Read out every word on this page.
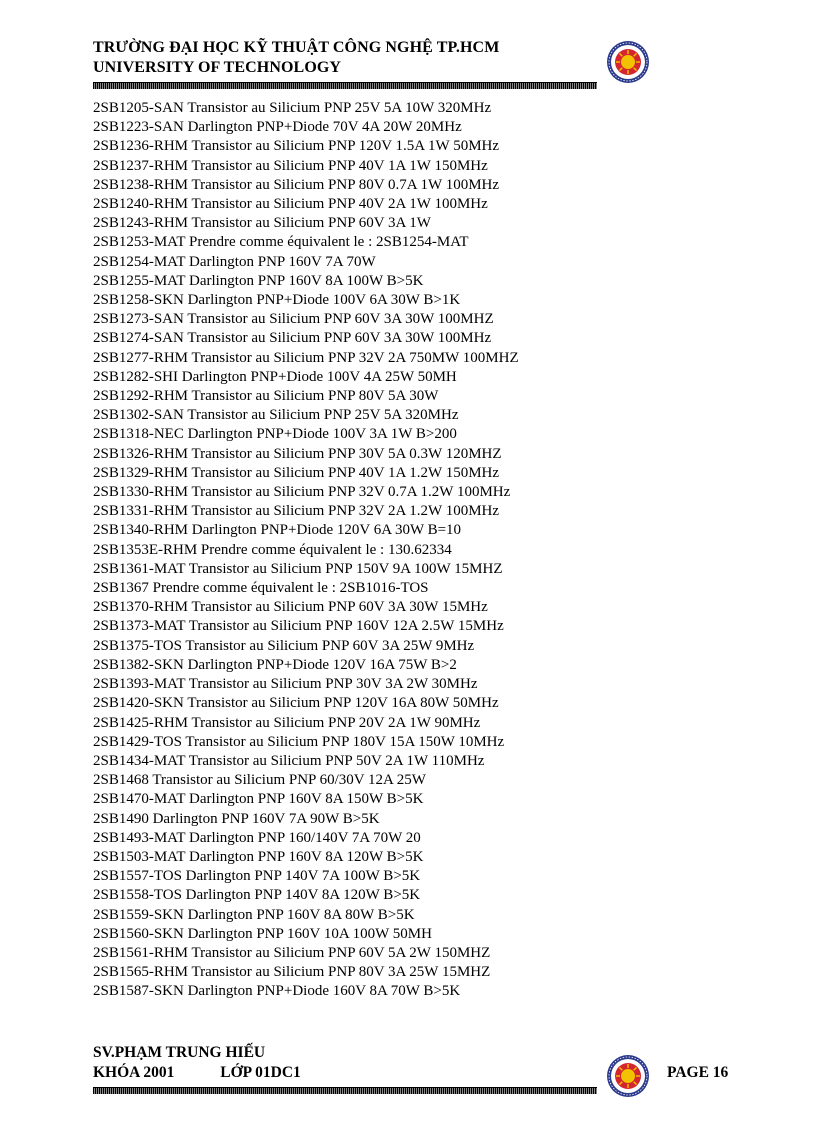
TRƯỜNG ĐẠI HỌC KỸ THUẬT CÔNG NGHỆ TP.HCM
UNIVERSITY OF TECHNOLOGY
2SB1205-SAN Transistor au Silicium PNP 25V 5A 10W 320MHz
2SB1223-SAN Darlington PNP+Diode 70V 4A 20W 20MHz
2SB1236-RHM Transistor au Silicium PNP 120V 1.5A 1W 50MHz
2SB1237-RHM Transistor au Silicium PNP 40V 1A 1W 150MHz
2SB1238-RHM Transistor au Silicium PNP 80V 0.7A 1W 100MHz
2SB1240-RHM Transistor au Silicium PNP 40V 2A 1W 100MHz
2SB1243-RHM Transistor au Silicium PNP 60V 3A 1W
2SB1253-MAT Prendre comme équivalent le : 2SB1254-MAT
2SB1254-MAT Darlington PNP 160V 7A 70W
2SB1255-MAT Darlington PNP 160V 8A 100W B>5K
2SB1258-SKN Darlington PNP+Diode 100V 6A 30W B>1K
2SB1273-SAN Transistor au Silicium PNP 60V 3A 30W 100MHZ
2SB1274-SAN Transistor au Silicium PNP 60V 3A 30W 100MHz
2SB1277-RHM Transistor au Silicium PNP 32V 2A 750MW 100MHZ
2SB1282-SHI Darlington PNP+Diode 100V 4A 25W 50MH
2SB1292-RHM Transistor au Silicium PNP 80V 5A 30W
2SB1302-SAN Transistor au Silicium PNP 25V 5A 320MHz
2SB1318-NEC Darlington PNP+Diode 100V 3A 1W B>200
2SB1326-RHM Transistor au Silicium PNP 30V 5A 0.3W 120MHZ
2SB1329-RHM Transistor au Silicium PNP 40V 1A 1.2W 150MHz
2SB1330-RHM Transistor au Silicium PNP 32V 0.7A 1.2W 100MHz
2SB1331-RHM Transistor au Silicium PNP 32V 2A 1.2W 100MHz
2SB1340-RHM Darlington PNP+Diode 120V 6A 30W B=10
2SB1353E-RHM Prendre comme équivalent le : 130.62334
2SB1361-MAT Transistor au Silicium PNP 150V 9A 100W 15MHZ
2SB1367 Prendre comme équivalent le : 2SB1016-TOS
2SB1370-RHM Transistor au Silicium PNP 60V 3A 30W 15MHz
2SB1373-MAT Transistor au Silicium PNP 160V 12A 2.5W 15MHz
2SB1375-TOS Transistor au Silicium PNP 60V 3A 25W 9MHz
2SB1382-SKN Darlington PNP+Diode 120V 16A 75W B>2
2SB1393-MAT Transistor au Silicium PNP 30V 3A 2W 30MHz
2SB1420-SKN Transistor au Silicium PNP 120V 16A 80W 50MHz
2SB1425-RHM Transistor au Silicium PNP 20V 2A 1W 90MHz
2SB1429-TOS Transistor au Silicium PNP 180V 15A 150W 10MHz
2SB1434-MAT Transistor au Silicium PNP 50V 2A 1W 110MHz
2SB1468 Transistor au Silicium PNP 60/30V 12A 25W
2SB1470-MAT Darlington PNP 160V 8A 150W B>5K
2SB1490 Darlington PNP 160V 7A 90W B>5K
2SB1493-MAT Darlington PNP 160/140V 7A 70W 20
2SB1503-MAT Darlington PNP 160V 8A 120W B>5K
2SB1557-TOS Darlington PNP 140V 7A 100W B>5K
2SB1558-TOS Darlington PNP 140V 8A 120W B>5K
2SB1559-SKN Darlington PNP 160V 8A 80W B>5K
2SB1560-SKN Darlington PNP 160V 10A 100W 50MH
2SB1561-RHM Transistor au Silicium PNP 60V 5A 2W 150MHZ
2SB1565-RHM Transistor au Silicium PNP 80V 3A 25W 15MHZ
2SB1587-SKN Darlington PNP+Diode 160V 8A 70W B>5K
SV.PHẠM TRUNG HIẾU
KHÓA 2001	LỚP 01DC1	PAGE 16
